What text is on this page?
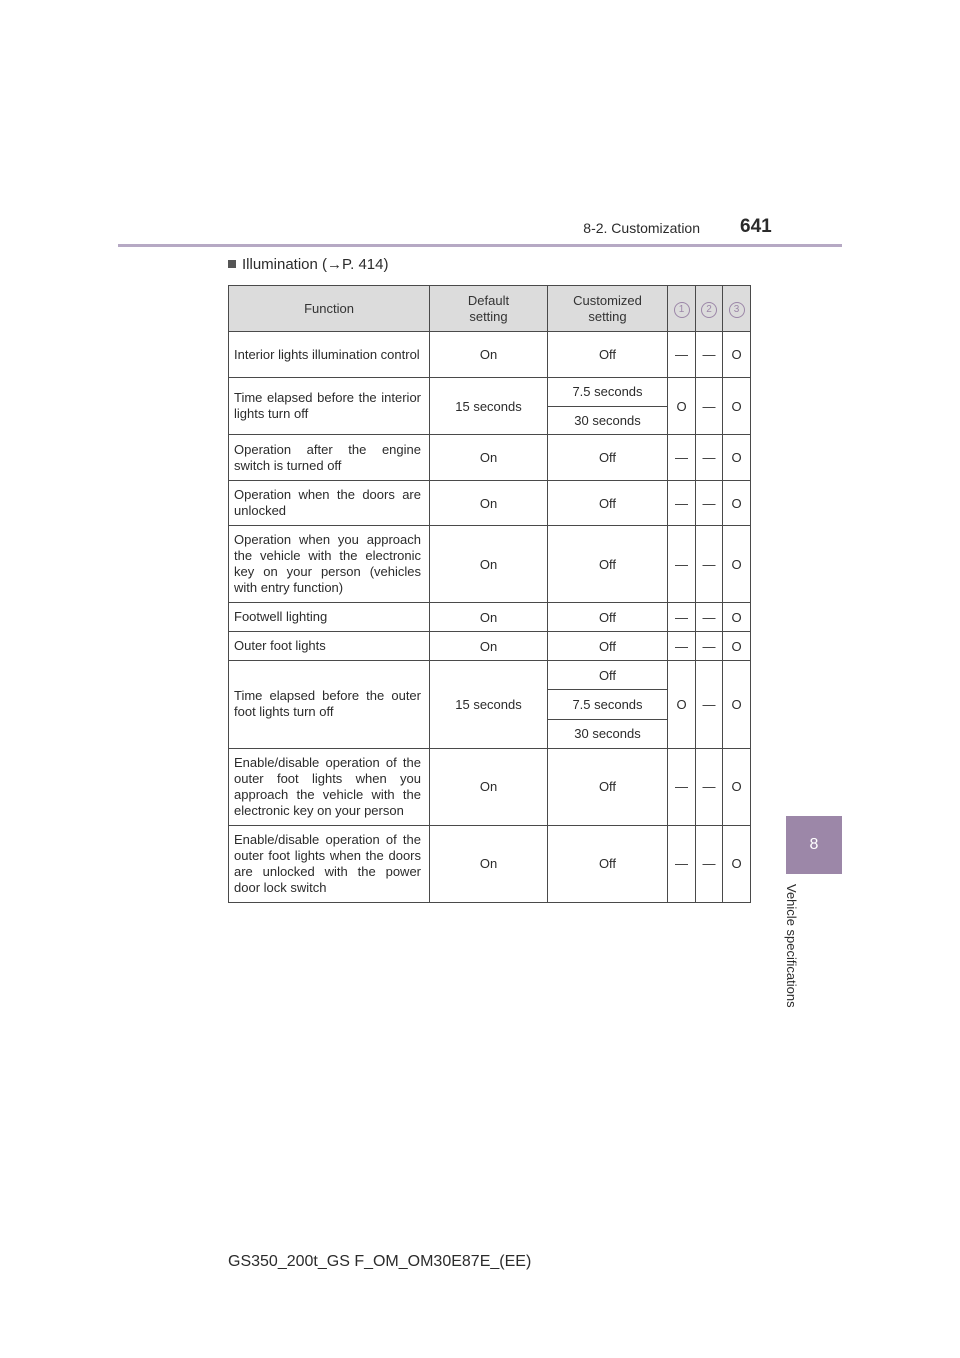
8-2. Customization 641
Illumination (→P. 414)
8
Vehicle specifications
Function	Default setting	Customized setting	1	2	3
Interior lights illumination control	On	Off	—	—	O
Time elapsed before the interior lights turn off	15 seconds	7.5 seconds	O	—	O
		30 seconds			
Operation after the engine switch is turned off	On	Off	—	—	O
Operation when the doors are unlocked	On	Off	—	—	O
Operation when you approach the vehicle with the electronic key on your person (vehicles with entry function)	On	Off	—	—	O
Footwell lighting	On	Off	—	—	O
Outer foot lights	On	Off	—	—	O
Time elapsed before the outer foot lights turn off	15 seconds	Off	O	—	O
		7.5 seconds			
		30 seconds			
Enable/disable operation of the outer foot lights when you approach the vehicle with the electronic key on your person	On	Off	—	—	O
Enable/disable operation of the outer foot lights when the doors are unlocked with the power door lock switch	On	Off	—	—	O
GS350_200t_GS F_OM_OM30E87E_(EE)
